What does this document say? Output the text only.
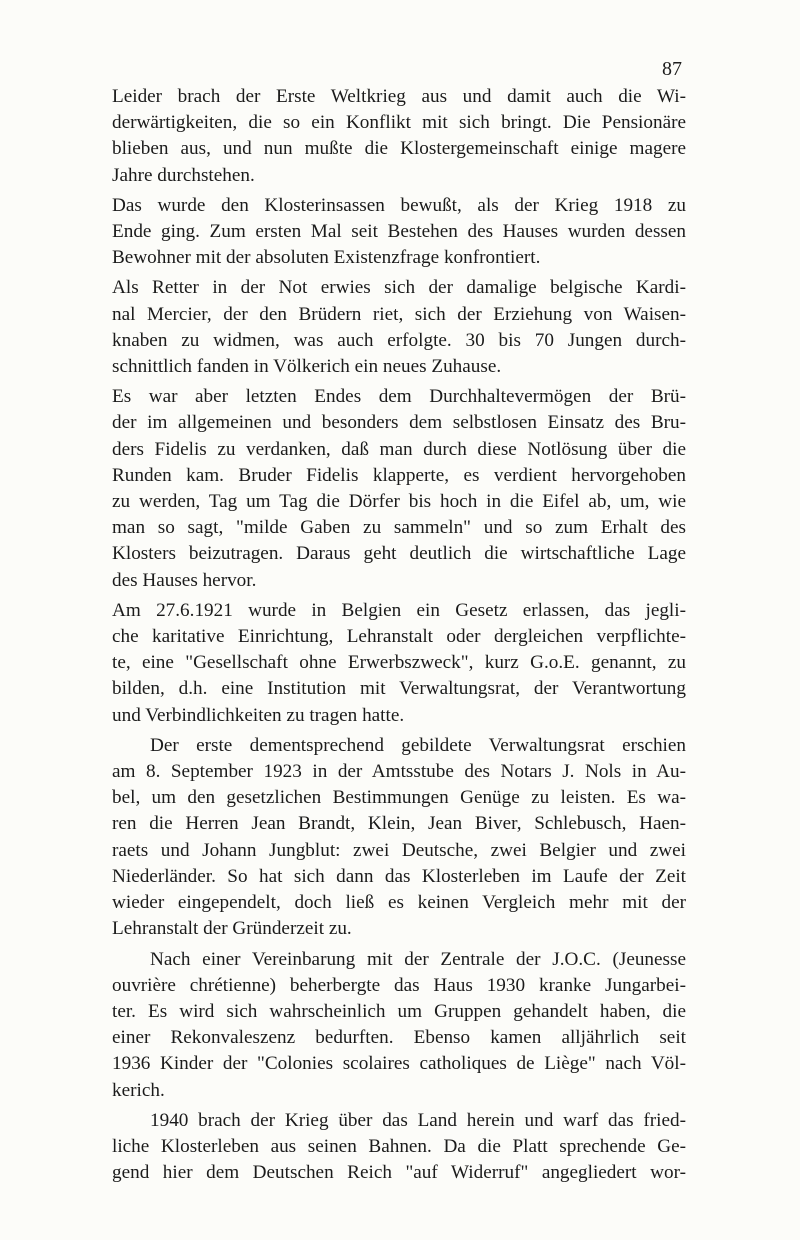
87
Leider brach der Erste Weltkrieg aus und damit auch die Wi-
derwärtigkeiten, die so ein Konflikt mit sich bringt. Die Pensionäre
blieben aus, und nun mußte die Klostergemeinschaft einige magere
Jahre durchstehen.
Das wurde den Klosterinsassen bewußt, als der Krieg 1918 zu
Ende ging. Zum ersten Mal seit Bestehen des Hauses wurden dessen
Bewohner mit der absoluten Existenzfrage konfrontiert.
Als Retter in der Not erwies sich der damalige belgische Kardi-
nal Mercier, der den Brüdern riet, sich der Erziehung von Waisen-
knaben zu widmen, was auch erfolgte. 30 bis 70 Jungen durch-
schnittlich fanden in Völkerich ein neues Zuhause.
Es war aber letzten Endes dem Durchhaltevermögen der Brü-
der im allgemeinen und besonders dem selbstlosen Einsatz des Bru-
ders Fidelis zu verdanken, daß man durch diese Notlösung über die
Runden kam. Bruder Fidelis klapperte, es verdient hervorgehoben
zu werden, Tag um Tag die Dörfer bis hoch in die Eifel ab, um, wie
man so sagt, "milde Gaben zu sammeln" und so zum Erhalt des
Klosters beizutragen. Daraus geht deutlich die wirtschaftliche Lage
des Hauses hervor.
Am 27.6.1921 wurde in Belgien ein Gesetz erlassen, das jegli-
che karitative Einrichtung, Lehranstalt oder dergleichen verpflichte-
te, eine "Gesellschaft ohne Erwerbszweck", kurz G.o.E. genannt, zu
bilden, d.h. eine Institution mit Verwaltungsrat, der Verantwortung
und Verbindlichkeiten zu tragen hatte.
Der erste dementsprechend gebildete Verwaltungsrat erschien
am 8. September 1923 in der Amtsstube des Notars J. Nols in Au-
bel, um den gesetzlichen Bestimmungen Genüge zu leisten. Es wa-
ren die Herren Jean Brandt, Klein, Jean Biver, Schlebusch, Haen-
raets und Johann Jungblut: zwei Deutsche, zwei Belgier und zwei
Niederländer. So hat sich dann das Klosterleben im Laufe der Zeit
wieder eingependelt, doch ließ es keinen Vergleich mehr mit der
Lehranstalt der Gründerzeit zu.
Nach einer Vereinbarung mit der Zentrale der J.O.C. (Jeunesse
ouvrière chrétienne) beherbergte das Haus 1930 kranke Jungarbei-
ter. Es wird sich wahrscheinlich um Gruppen gehandelt haben, die
einer Rekonvaleszenz bedurften. Ebenso kamen alljährlich seit
1936 Kinder der "Colonies scolaires catholiques de Liège" nach Völ-
kerich.
1940 brach der Krieg über das Land herein und warf das fried-
liche Klosterleben aus seinen Bahnen. Da die Platt sprechende Ge-
gend hier dem Deutschen Reich "auf Widerruf" angegliedert wor-
